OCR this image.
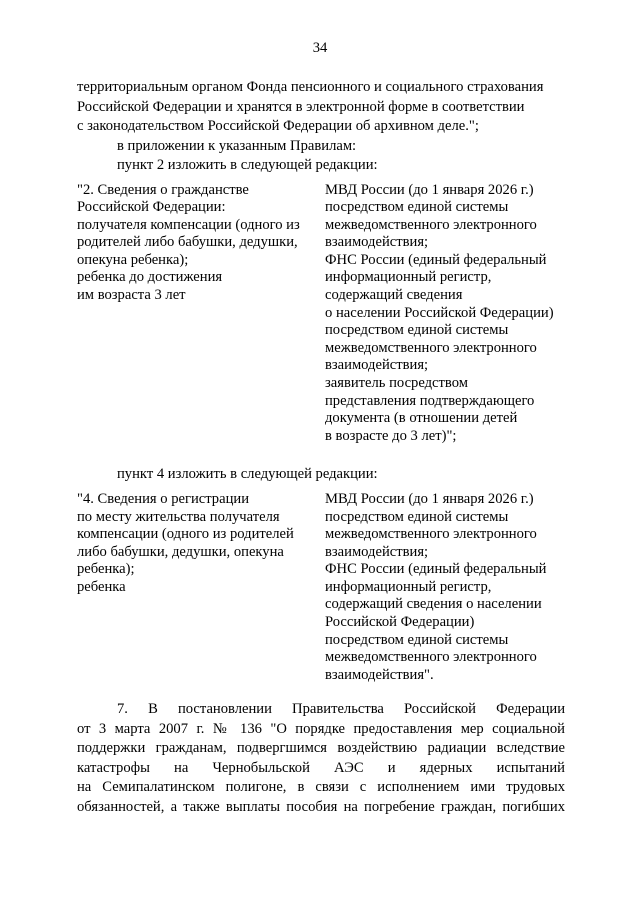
34

территориальным органом Фонда пенсионного и социального страхования

Российской Федерации и хранятся в электронной форме в соответствии

с законодательством Российской Федерации об архивном деле.";

в приложении к указанным Правилам:

пункт 2 изложить в следующей редакции:

"2. Сведения о гражданстве

Российской Федерации:

получателя компенсации (одного из

родителей либо бабушки, дедушки,

опекуна ребенка);

ребенка до достижения

им возраста 3 лет

МВД России (до 1 января 2026 г.)

посредством единой системы

межведомственного электронного

взаимодействия;

ФНС России (единый федеральный

информационный регистр,

содержащий сведения

о населении Российской Федерации)

посредством единой системы

межведомственного электронного

взаимодействия;

заявитель посредством

представления подтверждающего

документа (в отношении детей

в возрасте до 3 лет)";

пункт 4 изложить в следующей редакции:

"4. Сведения о регистрации

по месту жительства получателя

компенсации (одного из родителей

либо бабушки, дедушки, опекуна

ребенка);

ребенка

МВД России (до 1 января 2026 г.)

посредством единой системы

межведомственного электронного

взаимодействия;

ФНС России (единый федеральный

информационный регистр,

содержащий сведения о населении

Российской Федерации)

посредством единой системы

межведомственного электронного

взаимодействия".

7. В постановлении Правительства Российской Федерации

от 3 марта 2007 г. № 136 "О порядке предоставления мер социальной

поддержки гражданам, подвергшимся воздействию радиации вследствие

катастрофы на Чернобыльской АЭС и ядерных испытаний

на Семипалатинском полигоне, в связи с исполнением ими трудовых

обязанностей, а также выплаты пособия на погребение граждан, погибших
